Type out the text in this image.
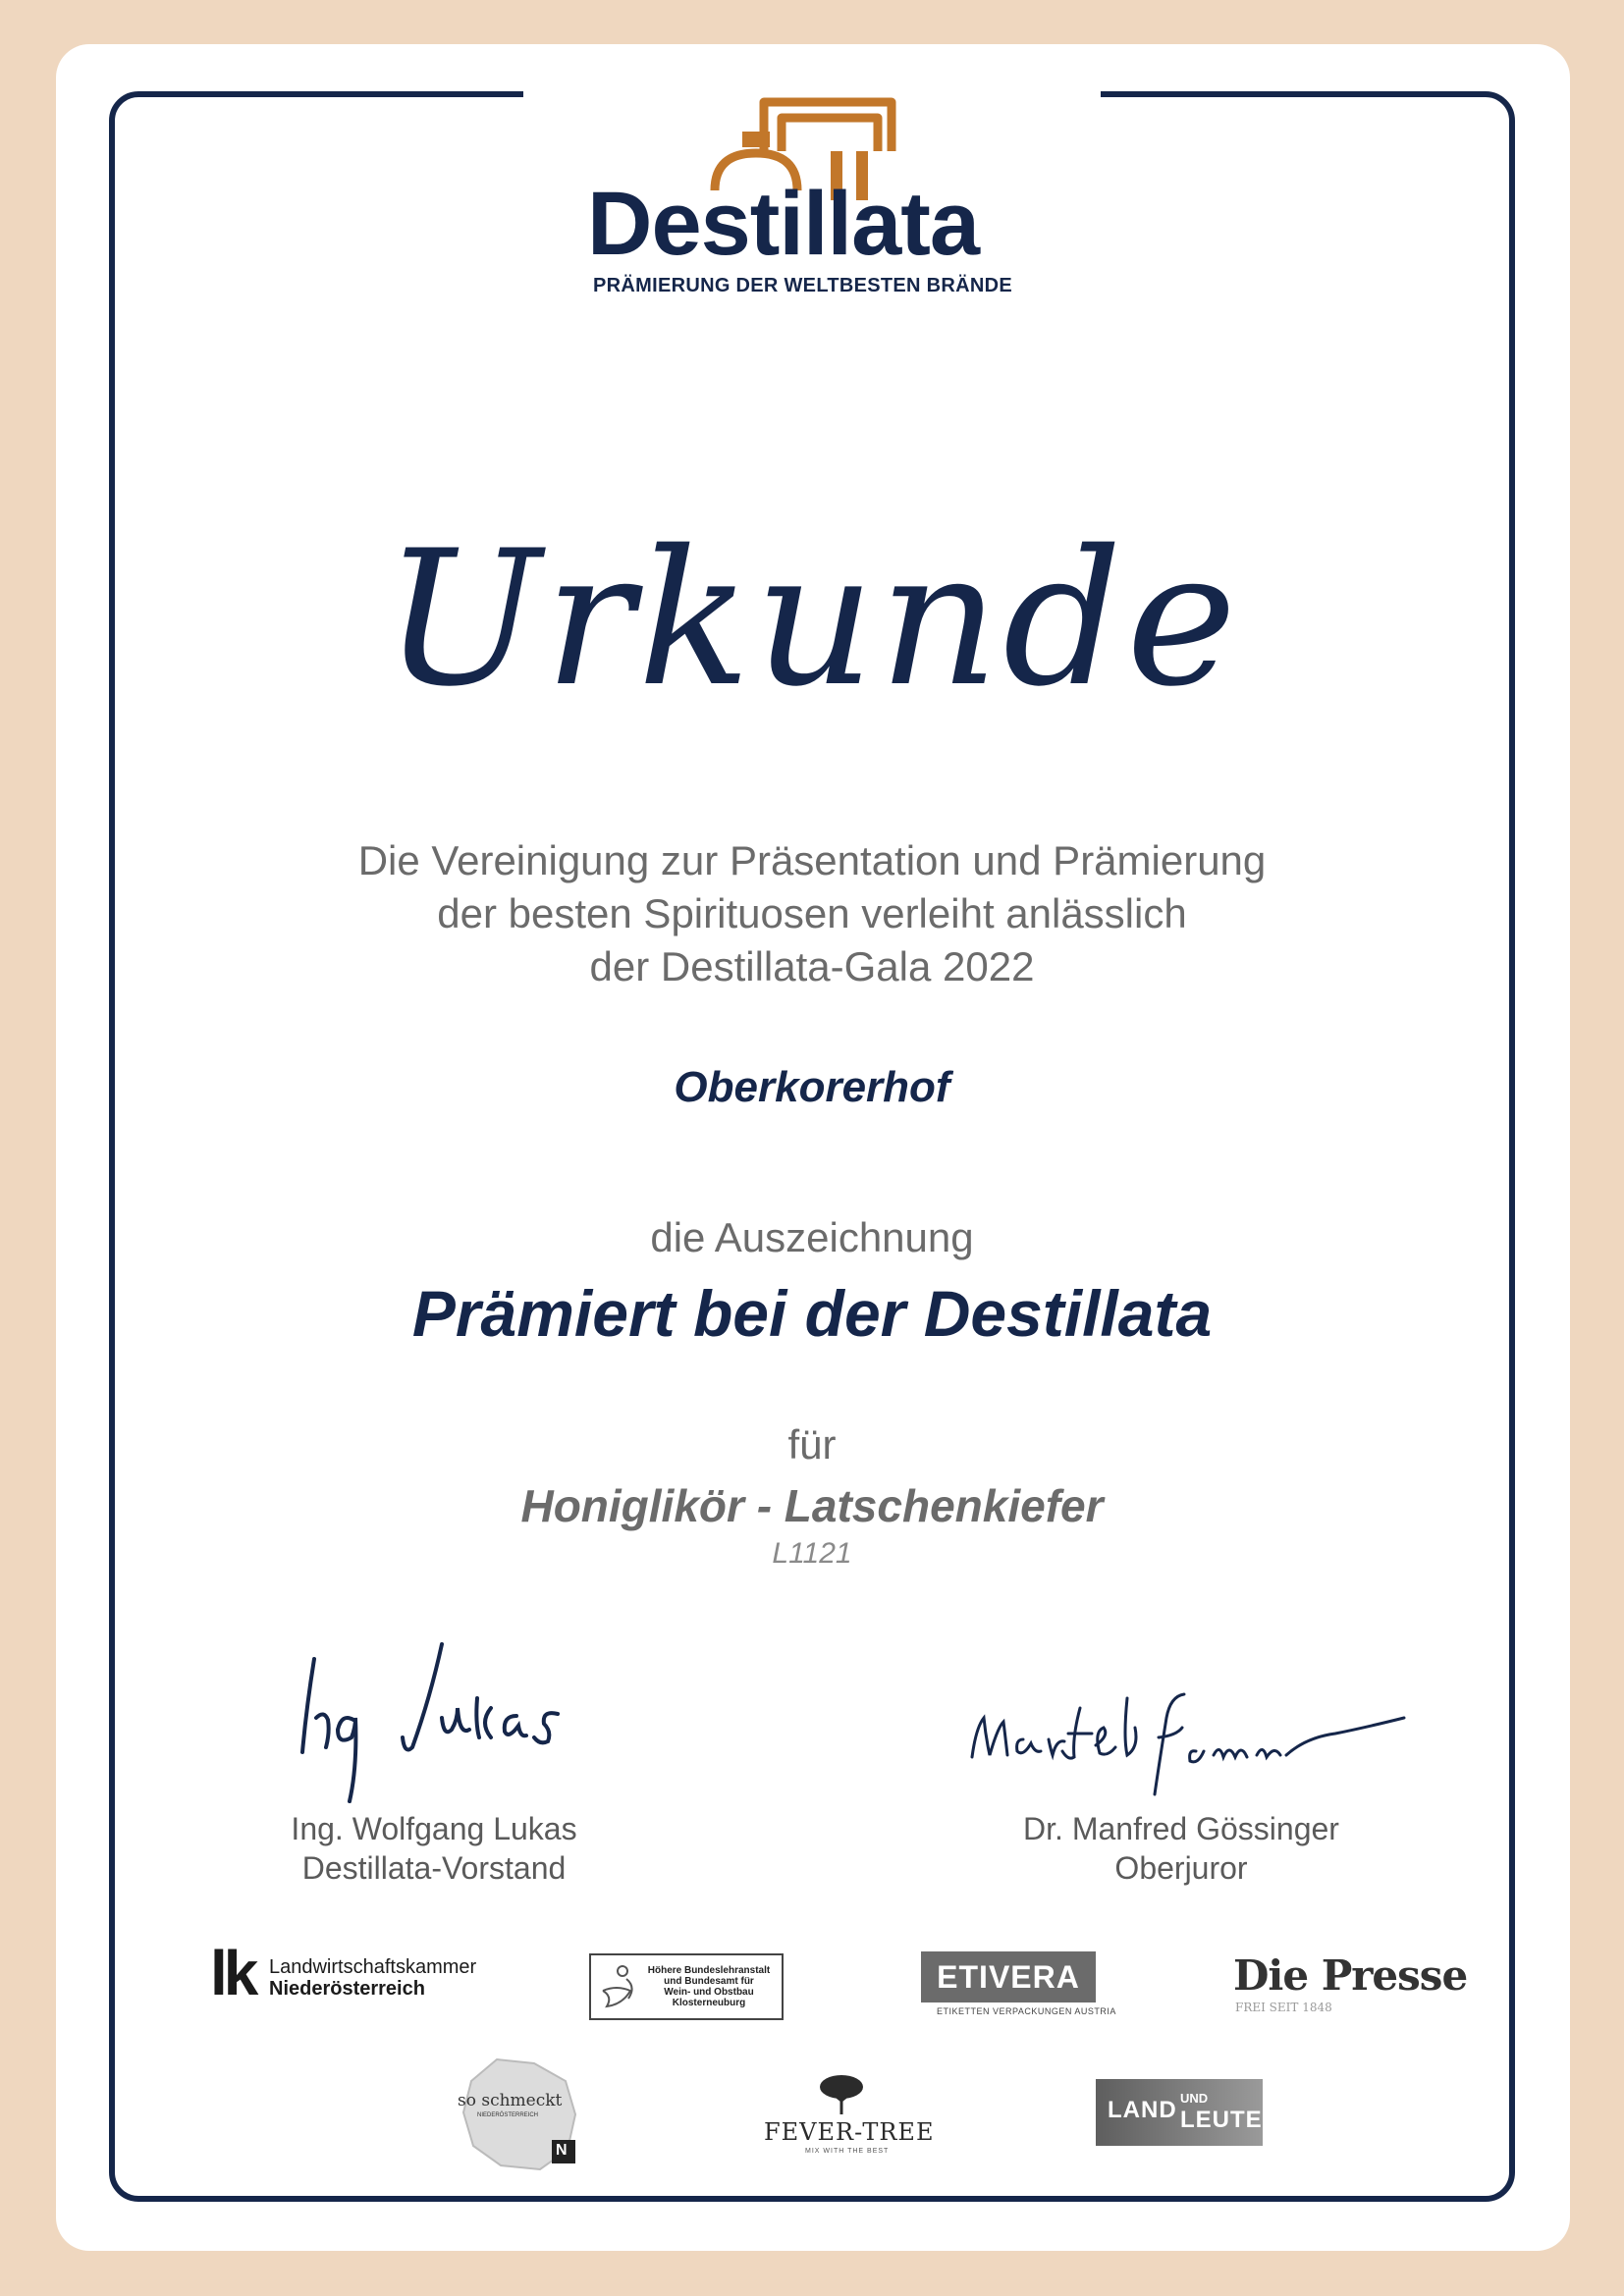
Destillata
PRÄMIERUNG DER WELTBESTEN BRÄNDE
Urkunde
Die Vereinigung zur Präsentation und Prämierung
der besten Spirituosen verleiht anlässlich
der Destillata-Gala 2022
Oberkorerhof
die Auszeichnung
Prämiert bei der Destillata
für
Honiglikör - Latschenkiefer
L1121
Ing. Wolfgang Lukas
Destillata-Vorstand
Dr. Manfred Gössinger
Oberjuror
lk Landwirtschaftskammer
Niederösterreich
Höhere Bundeslehranstalt
und Bundesamt für
Wein- und Obstbau
Klosterneuburg
ETIVERA
ETIKETTEN VERPACKUNGEN AUSTRIA
Die Presse
FREI SEIT 1848
so schmeckt
NIEDERÖSTERREICH
N
FEVER-TREE
MIX WITH THE BEST
LAND UND
LEUTE
